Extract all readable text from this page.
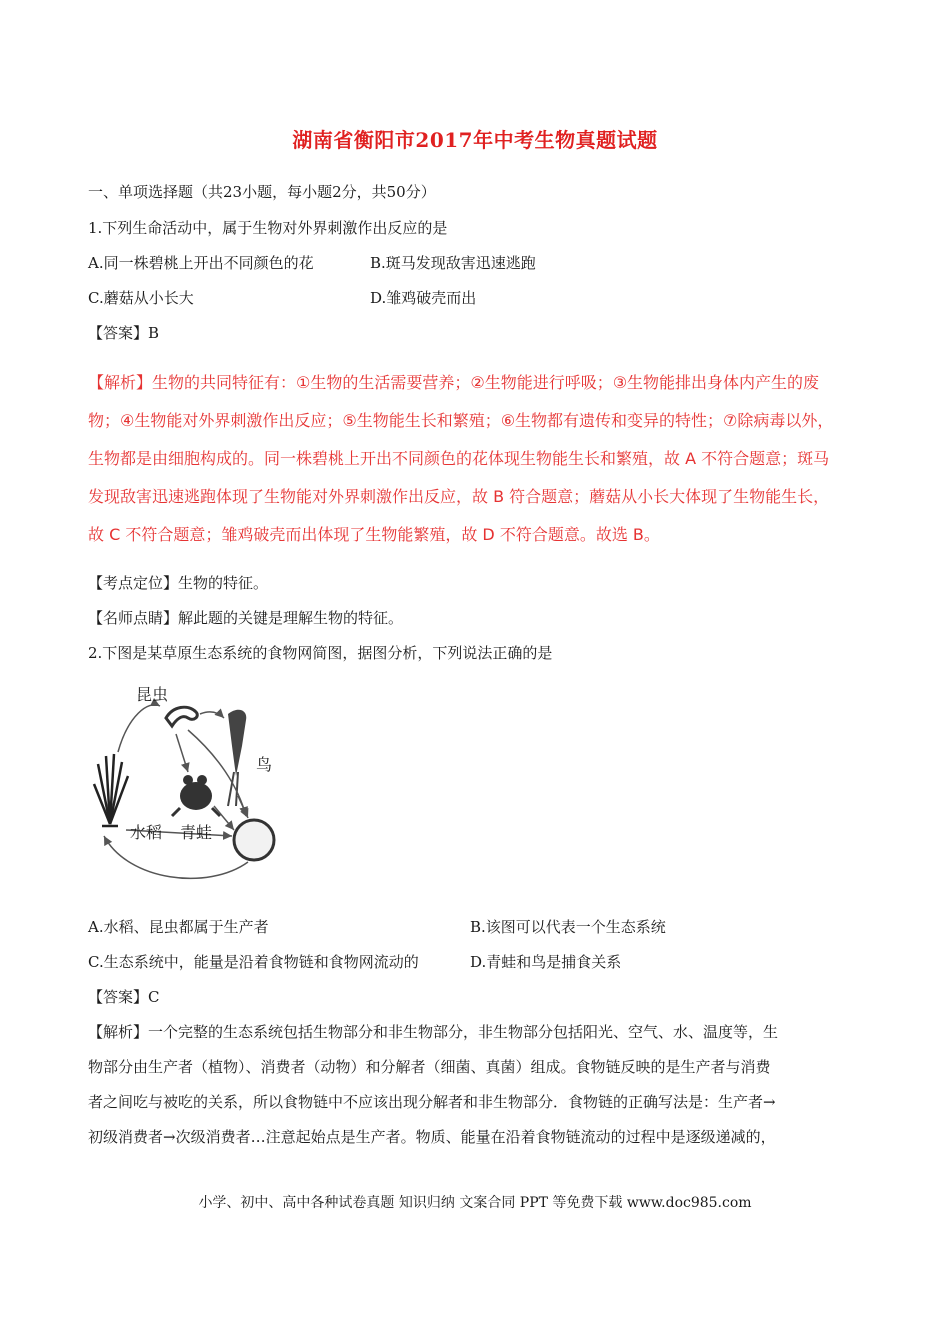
湖南省衡阳市2017年中考生物真题试题
一、单项选择题（共23小题，每小题2分，共50分）
1.下列生命活动中，属于生物对外界刺激作出反应的是
A.同一株碧桃上开出不同颜色的花	B.斑马发现敌害迅速逃跑
C.蘑菇从小长大	D.雏鸡破壳而出
【答案】B
【解析】生物的共同特征有：①生物的生活需要营养；②生物能进行呼吸；③生物能排出身体内产生的废
物；④生物能对外界刺激作出反应；⑤生物能生长和繁殖；⑥生物都有遗传和变异的特性；⑦除病毒以外，
生物都是由细胞构成的。同一株碧桃上开出不同颜色的花体现生物能生长和繁殖，故 A 不符合题意；斑马
发现敌害迅速逃跑体现了生物能对外界刺激作出反应，故 B 符合题意；蘑菇从小长大体现了生物能生长，
故 C 不符合题意；雏鸡破壳而出体现了生物能繁殖，故 D 不符合题意。故选 B。
【考点定位】生物的特征。
【名师点睛】解此题的关键是理解生物的特征。
2.下图是某草原生态系统的食物网简图，据图分析，下列说法正确的是
昆虫
鸟
水稻 青蛙
A.水稻、昆虫都属于生产者	B.该图可以代表一个生态系统
C.生态系统中，能量是沿着食物链和食物网流动的	D.青蛙和鸟是捕食关系
【答案】C
【解析】一个完整的生态系统包括生物部分和非生物部分，非生物部分包括阳光、空气、水、温度等，生
物部分由生产者（植物）、消费者（动物）和分解者（细菌、真菌）组成。食物链反映的是生产者与消费
者之间吃与被吃的关系，所以食物链中不应该出现分解者和非生物部分．食物链的正确写法是：生产者→
初级消费者→次级消费者…注意起始点是生产者。物质、能量在沿着食物链流动的过程中是逐级递减的，
小学、初中、高中各种试卷真题 知识归纳 文案合同 PPT 等免费下载 www.doc985.com
